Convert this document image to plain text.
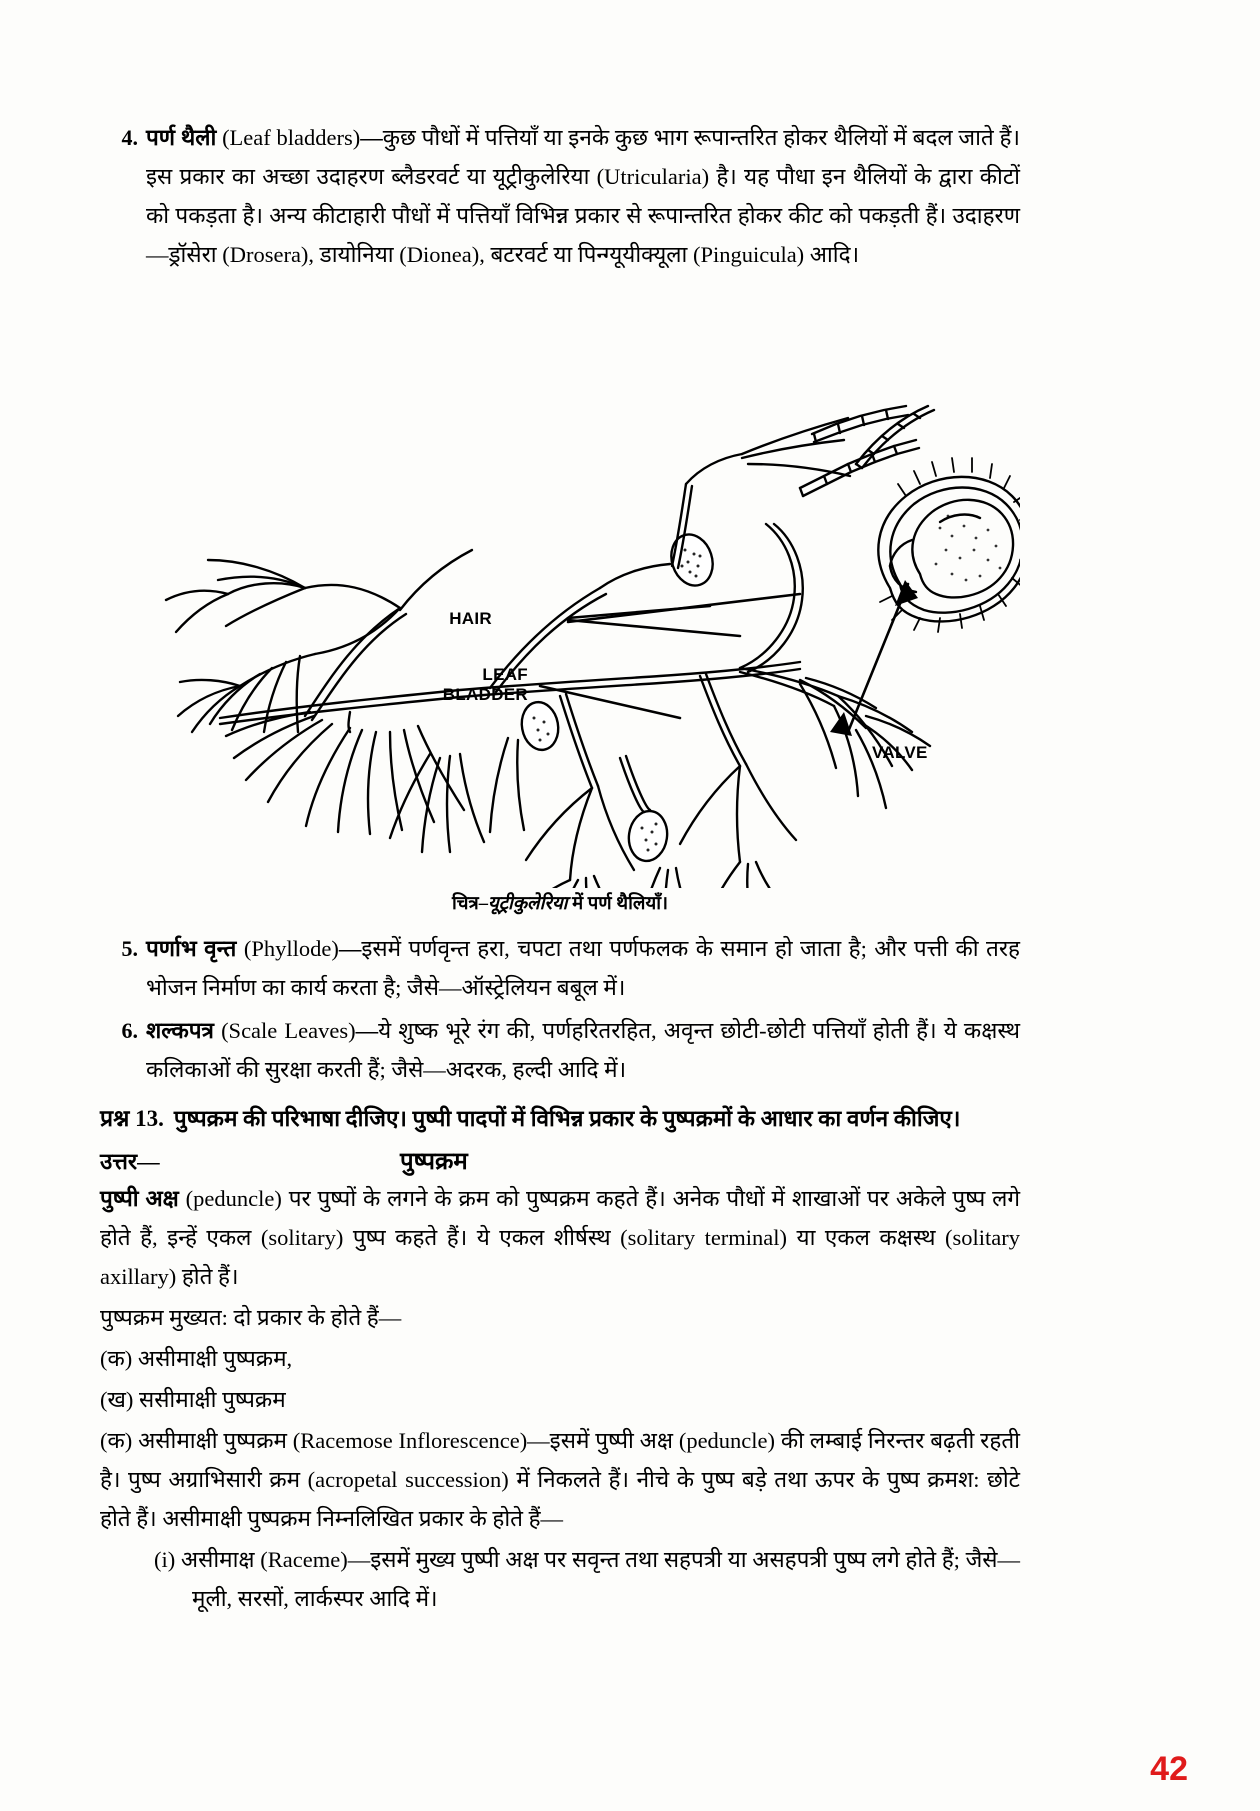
4. पर्ण थैली (Leaf bladders)—कुछ पौधों में पत्तियाँ या इनके कुछ भाग रूपान्तरित होकर थैलियों में बदल जाते हैं। इस प्रकार का अच्छा उदाहरण ब्लैडरवर्ट या यूट्रीकुलेरिया (Utricularia) है। यह पौधा इन थैलियों के द्वारा कीटों को पकड़ता है। अन्य कीटाहारी पौधों में पत्तियाँ विभिन्न प्रकार से रूपान्तरित होकर कीट को पकड़ती हैं। उदाहरण—ड्रॉसेरा (Drosera), डायोनिया (Dionea), बटरवर्ट या पिन्ग्यूयीक्यूला (Pinguicula) आदि।
HAIR
LEAF
BLADDER
VALVE
चित्र–यूट्रीकुलेरिया में पर्ण थैलियाँ।
5. पर्णाभ वृन्त (Phyllode)—इसमें पर्णवृन्त हरा, चपटा तथा पर्णफलक के समान हो जाता है; और पत्ती की तरह भोजन निर्माण का कार्य करता है; जैसे—ऑस्ट्रेलियन बबूल में।
6. शल्कपत्र (Scale Leaves)—ये शुष्क भूरे रंग की, पर्णहरितरहित, अवृन्त छोटी-छोटी पत्तियाँ होती हैं। ये कक्षस्थ कलिकाओं की सुरक्षा करती हैं; जैसे—अदरक, हल्दी आदि में।
प्रश्न 13. पुष्पक्रम की परिभाषा दीजिए। पुष्पी पादपों में विभिन्न प्रकार के पुष्पक्रमों के आधार का वर्णन कीजिए।
उत्तर—	पुष्पक्रम
पुष्पी अक्ष (peduncle) पर पुष्पों के लगने के क्रम को पुष्पक्रम कहते हैं। अनेक पौधों में शाखाओं पर अकेले पुष्प लगे होते हैं, इन्हें एकल (solitary) पुष्प कहते हैं। ये एकल शीर्षस्थ (solitary terminal) या एकल कक्षस्थ (solitary axillary) होते हैं।
पुष्पक्रम मुख्यत: दो प्रकार के होते हैं—
(क) असीमाक्षी पुष्पक्रम,
(ख) ससीमाक्षी पुष्पक्रम
(क) असीमाक्षी पुष्पक्रम (Racemose Inflorescence)—इसमें पुष्पी अक्ष (peduncle) की लम्बाई निरन्तर बढ़ती रहती है। पुष्प अग्राभिसारी क्रम (acropetal succession) में निकलते हैं। नीचे के पुष्प बड़े तथा ऊपर के पुष्प क्रमश: छोटे होते हैं। असीमाक्षी पुष्पक्रम निम्नलिखित प्रकार के होते हैं—
(i) असीमाक्ष (Raceme)—इसमें मुख्य पुष्पी अक्ष पर सवृन्त तथा सहपत्री या असहपत्री पुष्प लगे होते हैं; जैसे—मूली, सरसों, लार्कस्पर आदि में।
42
